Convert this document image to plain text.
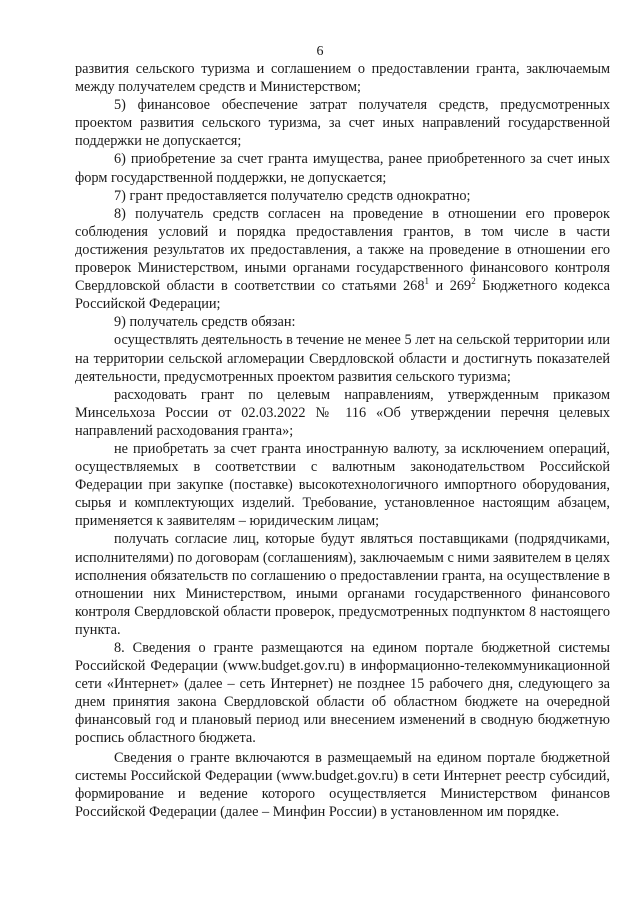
6

развития сельского туризма и соглашением о предоставлении гранта, заключаемым между получателем средств и Министерством;

5) финансовое обеспечение затрат получателя средств, предусмотренных проектом развития сельского туризма, за счет иных направлений государственной поддержки не допускается;

6) приобретение за счет гранта имущества, ранее приобретенного за счет иных форм государственной поддержки, не допускается;

7) грант предоставляется получателю средств однократно;

8) получатель средств согласен на проведение в отношении его проверок соблюдения условий и порядка предоставления грантов, в том числе в части достижения результатов их предоставления, а также на проведение в отношении его проверок Министерством, иными органами государственного финансового контроля Свердловской области в соответствии со статьями $268^1$ и $269^2$ Бюджетного кодекса Российской Федерации;

9) получатель средств обязан:

осуществлять деятельность в течение не менее 5 лет на сельской территории или на территории сельской агломерации Свердловской области и достигнуть показателей деятельности, предусмотренных проектом развития сельского туризма;

расходовать грант по целевым направлениям, утвержденным приказом Минсельхоза России от 02.03.2022 № 116 «Об утверждении перечня целевых направлений расходования гранта»;

не приобретать за счет гранта иностранную валюту, за исключением операций, осуществляемых в соответствии с валютным законодательством Российской Федерации при закупке (поставке) высокотехнологичного импортного оборудования, сырья и комплектующих изделий. Требование, установленное настоящим абзацем, применяется к заявителям – юридическим лицам;

получать согласие лиц, которые будут являться поставщиками (подрядчиками, исполнителями) по договорам (соглашениям), заключаемым с ними заявителем в целях исполнения обязательств по соглашению о предоставлении гранта, на осуществление в отношении них Министерством, иными органами государственного финансового контроля Свердловской области проверок, предусмотренных подпунктом 8 настоящего пункта.

8. Сведения о гранте размещаются на едином портале бюджетной системы Российской Федерации (www.budget.gov.ru) в информационно-телекоммуникационной сети «Интернет» (далее – сеть Интернет) не позднее 15 рабочего дня, следующего за днем принятия закона Свердловской области об областном бюджете на очередной финансовый год и плановый период или внесением изменений в сводную бюджетную роспись областного бюджета.

Сведения о гранте включаются в размещаемый на едином портале бюджетной системы Российской Федерации (www.budget.gov.ru) в сети Интернет реестр субсидий, формирование и ведение которого осуществляется Министерством финансов Российской Федерации (далее – Минфин России) в установленном им порядке.
